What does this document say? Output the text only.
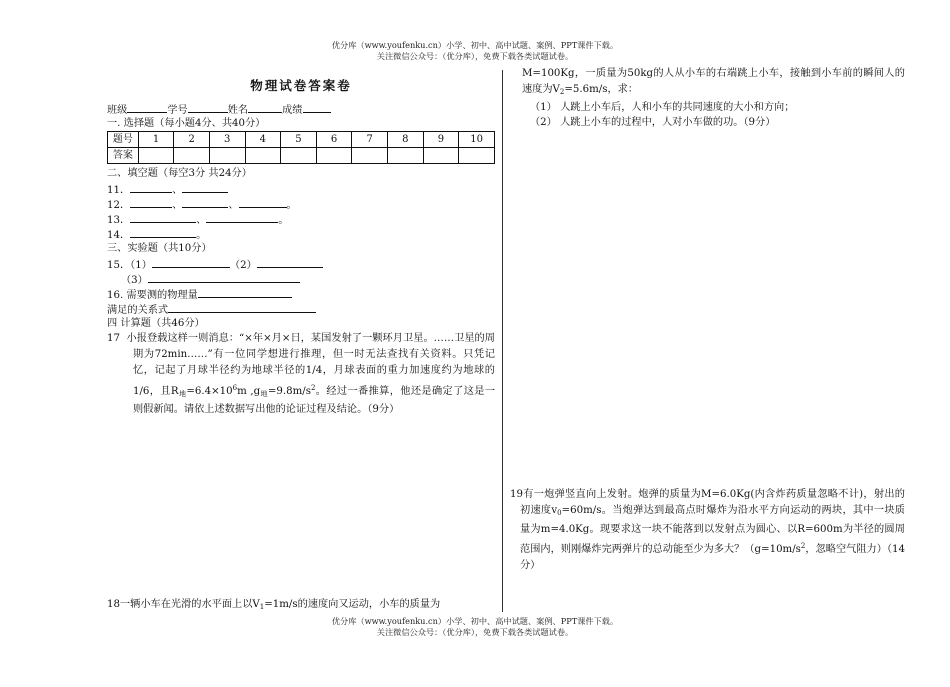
优分库（www.youfenku.cn）小学、初中、高中试题、案例、PPT课件下载。
关注微信公众号：（优分库），免费下载各类试题试卷。
物理试卷答案卷
班级	学号	姓名	成绩
一. 选择题（每小题4分、共40分）
题号	1	2	3	4	5	6	7	8	9	10
答案										
二、填空题（每空3分 共24分）
11．	、
12．	、	、	。
13．	、	。
14．	。
三、实验题（共10分）
15．（1）	（2）
（3）
16. 需要测的物理量
满足的关系式
四 计算题（共46分）
17 小报登载这样一则消息：“×年×月×日，某国发射了一颗环月卫星。……卫星的周期为72min……”有一位同学想进行推理，但一时无法查找有关资料。只凭记忆，记起了月球半径约为地球半径的1/4，月球表面的重力加速度约为地球的1/6，且$R_地=6.4\times 10^6m$ $,g_地=9.8m/s^2$。经过一番推算，他还是确定了这是一则假新闻。请依上述数据写出他的论证过程及结论。（9分）
18一辆小车在光滑的水平面上以$V_1=1m/s$的速度向又运动，小车的质量为
M=100Kg，一质量为50kg的人从小车的右端跳上小车，接触到小车前的瞬间人的速度为$V_2=5.6m/s$，求：
（1） 人跳上小车后，人和小车的共同速度的大小和方向；
（2） 人跳上小车的过程中，人对小车做的功。（9分）
19有一炮弹竖直向上发射。炮弹的质量为M=6.0Kg(内含炸药质量忽略不计)，射出的初速度$v_0=60m/s$。当炮弹达到最高点时爆炸为沿水平方向运动的两块，其中一块质量为m=4.0Kg。现要求这一块不能落到以发射点为圆心、以R=600m为半径的圆周范围内，则刚爆炸完两弹片的总动能至少为多大？（$g=10m/s^2$，忽略空气阻力）（14分）
优分库（www.youfenku.cn）小学、初中、高中试题、案例、PPT课件下载。
关注微信公众号：（优分库），免费下载各类试题试卷。
